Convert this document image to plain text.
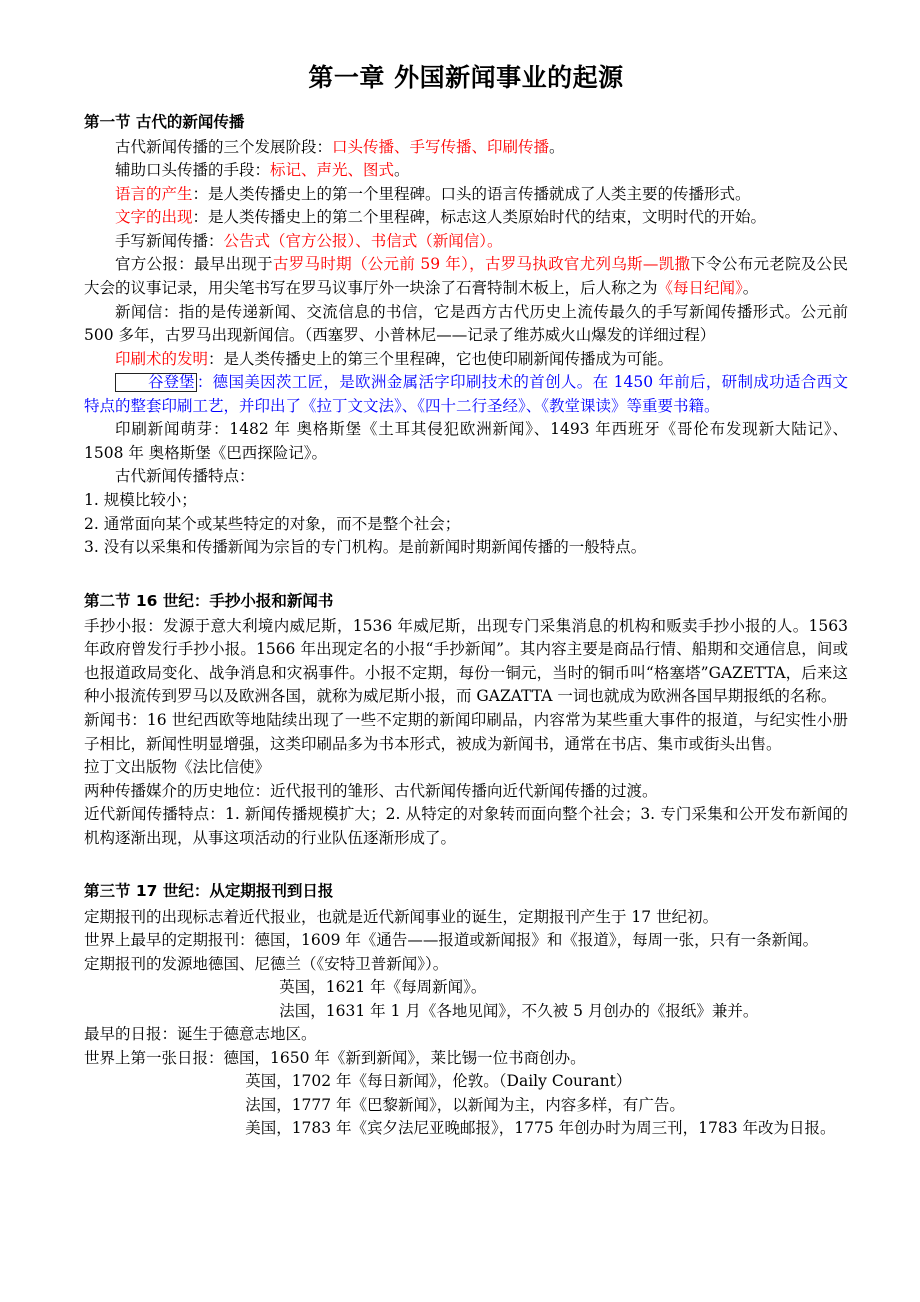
第一章 外国新闻事业的起源
第一节 古代的新闻传播

古代新闻传播的三个发展阶段：口头传播、手写传播、印刷传播。

辅助口头传播的手段：标记、声光、图式。

语言的产生：是人类传播史上的第一个里程碑。口头的语言传播就成了人类主要的传播形式。

文字的出现：是人类传播史上的第二个里程碑，标志这人类原始时代的结束，文明时代的开始。

手写新闻传播：公告式（官方公报）、书信式（新闻信）。

官方公报：最早出现于古罗马时期（公元前 59 年），古罗马执政官尤列乌斯—凯撒下令公布元老院及公民大会的议事记录，用尖笔书写在罗马议事厅外一块涂了石膏特制木板上，后人称之为《每日纪闻》。

新闻信：指的是传递新闻、交流信息的书信，它是西方古代历史上流传最久的手写新闻传播形式。公元前 500 多年，古罗马出现新闻信。（西塞罗、小普林尼——记录了维苏威火山爆发的详细过程）

印刷术的发明：是人类传播史上的第三个里程碑，它也使印刷新闻传播成为可能。

谷登堡 ：德国美因茨工匠，是欧洲金属活字印刷技术的首创人。在 1450 年前后，研制成功适合西文特点的整套印刷工艺，并印出了《拉丁文文法》、《四十二行圣经》、《教堂课读》等重要书籍。

印刷新闻萌芽：1482 年 奥格斯堡《土耳其侵犯欧洲新闻》、1493 年西班牙《哥伦布发现新大陆记》、1508 年 奥格斯堡《巴西探险记》。

古代新闻传播特点：

1. 规模比较小；

2. 通常面向某个或某些特定的对象，而不是整个社会；

3. 没有以采集和传播新闻为宗旨的专门机构。是前新闻时期新闻传播的一般特点。

第二节 16 世纪：手抄小报和新闻书

手抄小报：发源于意大利境内威尼斯，1536 年威尼斯，出现专门采集消息的机构和贩卖手抄小报的人。1563 年政府曾发行手抄小报。1566 年出现定名的小报“手抄新闻”。其内容主要是商品行情、船期和交通信息，间或也报道政局变化、战争消息和灾祸事件。小报不定期，每份一铜元，当时的铜币叫“格塞塔”GAZETTA，后来这种小报流传到罗马以及欧洲各国，就称为威尼斯小报，而 GAZATTA 一词也就成为欧洲各国早期报纸的名称。

新闻书：16 世纪西欧等地陆续出现了一些不定期的新闻印刷品，内容常为某些重大事件的报道，与纪实性小册子相比，新闻性明显增强，这类印刷品多为书本形式，被成为新闻书，通常在书店、集市或街头出售。

拉丁文出版物《法比信使》

两种传播媒介的历史地位：近代报刊的雏形、古代新闻传播向近代新闻传播的过渡。

近代新闻传播特点：1. 新闻传播规模扩大；2. 从特定的对象转而面向整个社会；3. 专门采集和公开发布新闻的机构逐渐出现，从事这项活动的行业队伍逐渐形成了。

第三节 17 世纪：从定期报刊到日报

定期报刊的出现标志着近代报业，也就是近代新闻事业的诞生，定期报刊产生于 17 世纪初。

世界上最早的定期报刊：德国，1609 年《通告——报道或新闻报》和《报道》，每周一张，只有一条新闻。

定期报刊的发源地德国、尼德兰（《安特卫普新闻》）。

英国，1621 年《每周新闻》。

法国，1631 年 1 月《各地见闻》，不久被 5 月创办的《报纸》兼并。

最早的日报：诞生于德意志地区。

世界上第一张日报：德国，1650 年《新到新闻》，莱比锡一位书商创办。

英国，1702 年《每日新闻》，伦敦。（Daily Courant）

法国，1777 年《巴黎新闻》，以新闻为主，内容多样，有广告。

美国，1783 年《宾夕法尼亚晚邮报》，1775 年创办时为周三刊，1783 年改为日报。
